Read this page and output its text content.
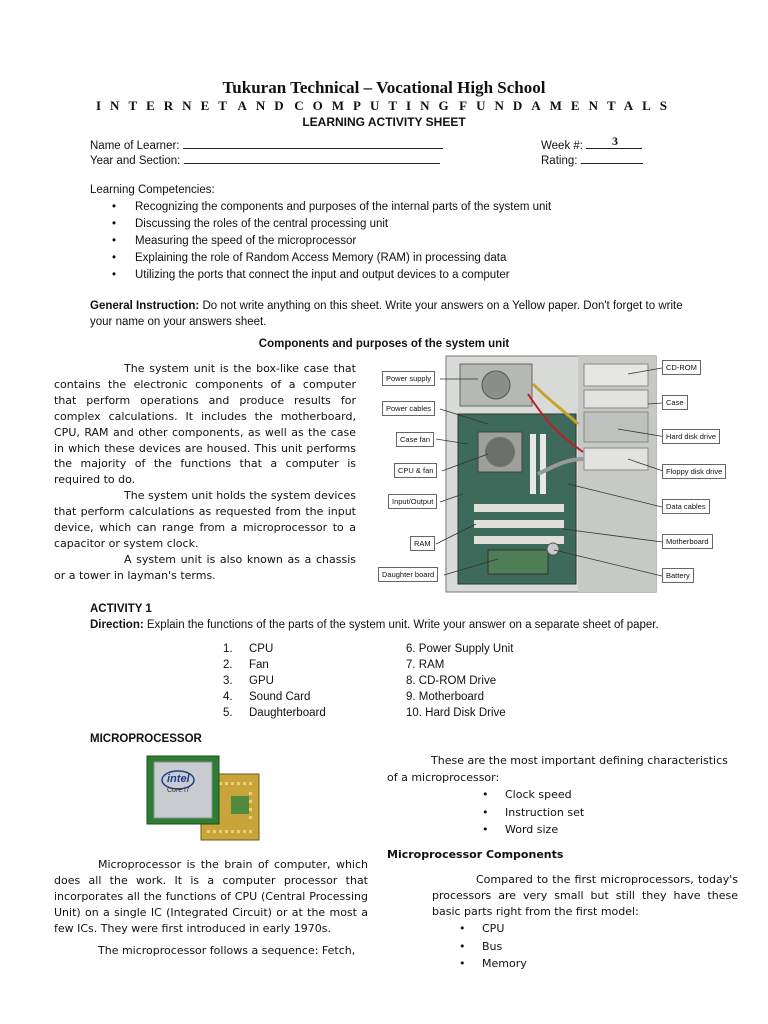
Tukuran Technical – Vocational High School
INTERNET AND COMPUTING FUNDAMENTALS
LEARNING ACTIVITY SHEET
Name of Learner:
Year and Section:
Week #:	3
Rating:
Learning Competencies:
• Recognizing the components and purposes of the internal parts of the system unit
• Discussing the roles of the central processing unit
• Measuring the speed of the microprocessor
• Explaining the role of Random Access Memory (RAM) in processing data
• Utilizing the ports that connect the input and output devices to a computer
General Instruction: Do not write anything on this sheet. Write your answers on a Yellow paper. Don't forget to write your name on your answers sheet.
Components and purposes of the system unit

The system unit is the box-like case that contains the electronic components of a computer that perform operations and produce results for complex calculations. It includes the motherboard, CPU, RAM and other components, as well as the case in which these devices are housed. This unit performs the majority of the functions that a computer is required to do.

The system unit holds the system devices that perform calculations as requested from the input device, which can range from a microprocessor to a capacitor or system clock.

A system unit is also known as a chassis or a tower in layman's terms.

Power supply
Power cables
Case fan
CPU & fan
Input/Output
RAM
Daughter board
CD-ROM
Case
Hard disk drive
Floppy disk drive
Data cables
Motherboard
Battery
ACTIVITY 1
Direction: Explain the functions of the parts of the system unit. Write your answer on a separate sheet of paper.
1. CPU
2. Fan
3. GPU
4. Sound Card
5. Daughterboard
6. Power Supply Unit
7. RAM
8. CD-ROM Drive
9. Motherboard
10. Hard Disk Drive
MICROPROCESSOR
intel
Core i7

Microprocessor is the brain of computer, which does all the work. It is a computer processor that incorporates all the functions of CPU (Central Processing Unit) on a single IC (Integrated Circuit) or at the most a few ICs. They were first introduced in early 1970s.

The microprocessor follows a sequence: Fetch,

These are the most important defining characteristics of a microprocessor:

• Clock speed
• Instruction set
• Word size
Microprocessor Components

Compared to the first microprocessors, today's processors are very small but still they have these basic parts right from the first model:

• CPU
• Bus
• Memory
